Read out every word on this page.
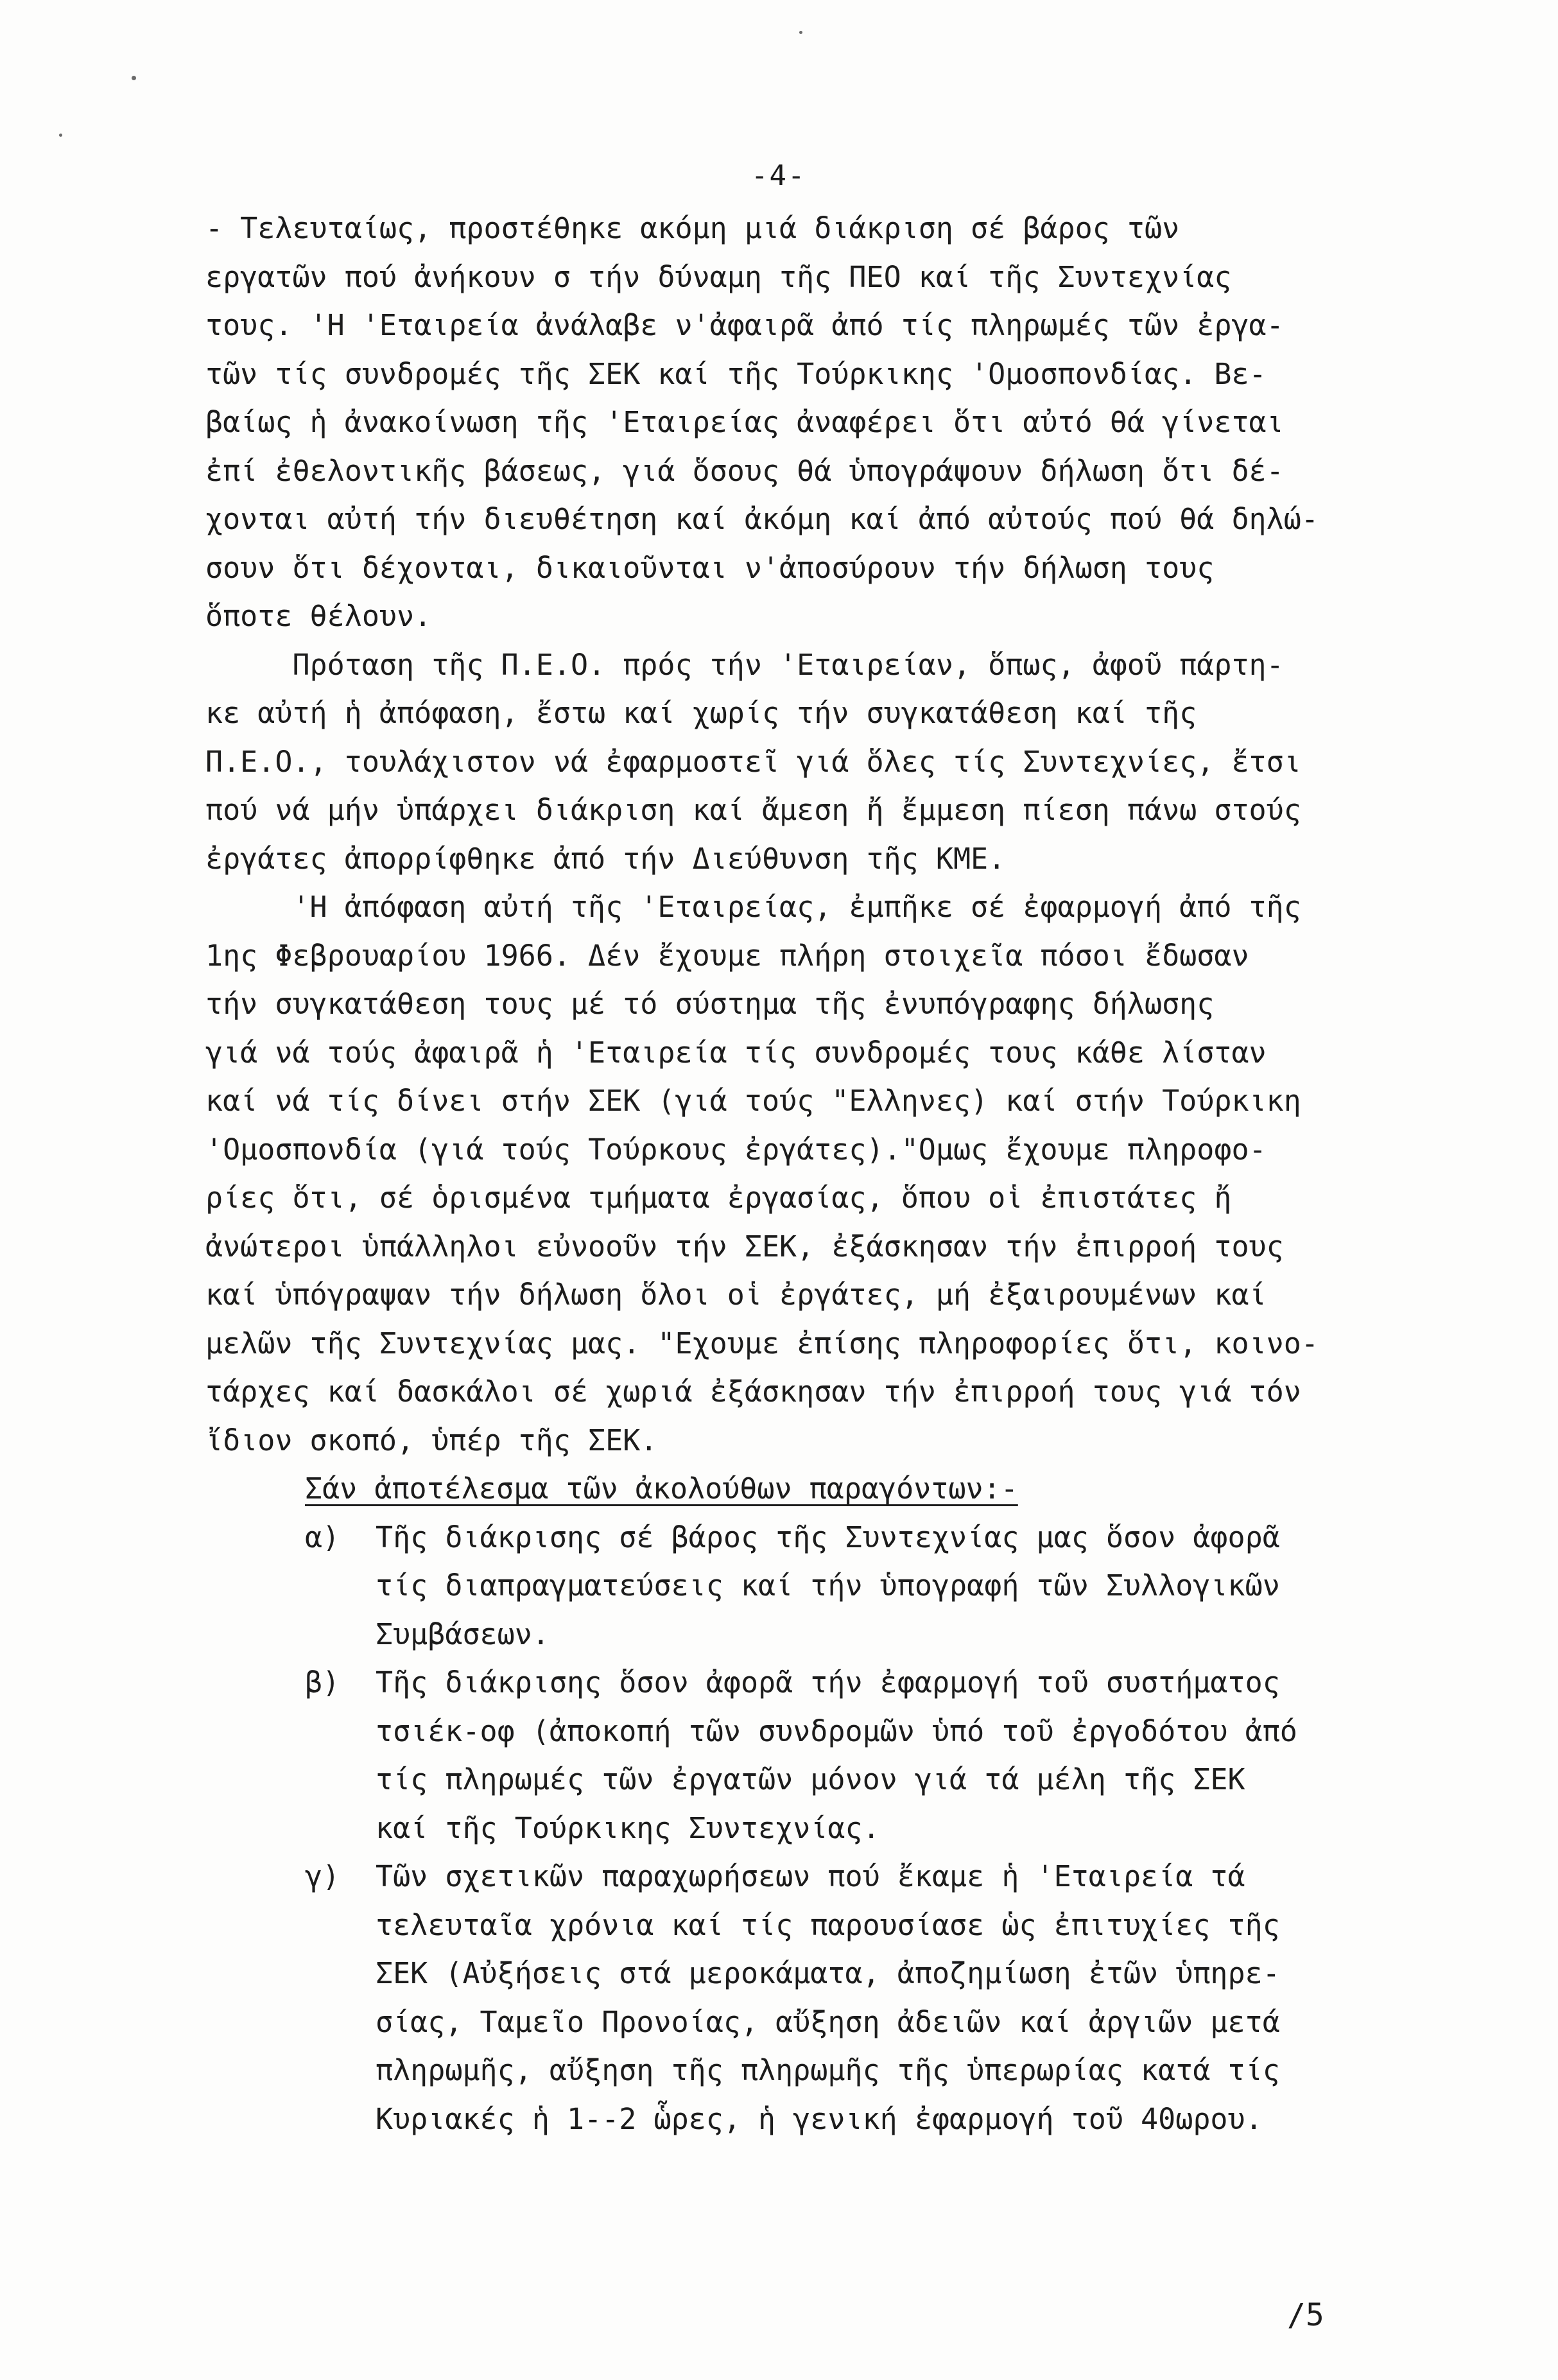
-4-
- Τελευταίως, προστέθηκε ακόμη μιά διάκριση σέ βάρος τῶν
εργατῶν πού ἀνήκουν σ τήν δύναμη τῆς ΠΕΟ καί τῆς Συντεχνίας
τους. 'Η 'Εταιρεία ἀνάλαβε ν'ἀφαιρᾶ ἀπό τίς πληρωμές τῶν ἐργα-
τῶν τίς συνδρομές τῆς ΣΕΚ καί τῆς Τούρκικης 'Ομοσπονδίας. Βε-
βαίως ἡ ἀνακοίνωση τῆς 'Εταιρείας ἀναφέρει ὅτι αὐτό θά γίνεται
ἐπί ἐθελοντικῆς βάσεως, γιά ὅσους θά ὑπογράψουν δήλωση ὅτι δέ-
χονται αὐτή τήν διευθέτηση καί ἀκόμη καί ἀπό αὐτούς πού θά δηλώ-
σουν ὅτι δέχονται, δικαιοῦνται ν'ἀποσύρουν τήν δήλωση τους
ὅποτε θέλουν.
Πρόταση τῆς Π.Ε.Ο. πρός τήν 'Εταιρείαν, ὅπως, ἀφοῦ πάρτη-
κε αὐτή ἡ ἀπόφαση, ἔστω καί χωρίς τήν συγκατάθεση καί τῆς
Π.Ε.Ο., τουλάχιστον νά ἐφαρμοστεῖ γιά ὅλες τίς Συντεχνίες, ἔτσι
πού νά μήν ὑπάρχει διάκριση καί ἄμεση ἤ ἔμμεση πίεση πάνω στούς
ἐργάτες ἀπορρίφθηκε ἀπό τήν Διεύθυνση τῆς ΚΜΕ.
'Η ἀπόφαση αὐτή τῆς 'Εταιρείας, ἐμπῆκε σέ ἐφαρμογή ἀπό τῆς
1ης Φεβρουαρίου 1966. Δέν ἔχουμε πλήρη στοιχεῖα πόσοι ἔδωσαν
τήν συγκατάθεση τους μέ τό σύστημα τῆς ἐνυπόγραφης δήλωσης
γιά νά τούς ἀφαιρᾶ ἡ 'Εταιρεία τίς συνδρομές τους κάθε λίσταν
καί νά τίς δίνει στήν ΣΕΚ (γιά τούς "Ελληνες) καί στήν Τούρκικη
'Ομοσπονδία (γιά τούς Τούρκους ἐργάτες)."Ομως ἔχουμε πληροφο-
ρίες ὅτι, σέ ὁρισμένα τμήματα ἐργασίας, ὅπου οἱ ἐπιστάτες ἤ
ἀνώτεροι ὑπάλληλοι εὐνοοῦν τήν ΣΕΚ, ἐξάσκησαν τήν ἐπιρροή τους
καί ὑπόγραψαν τήν δήλωση ὅλοι οἱ ἐργάτες, μή ἐξαιρουμένων καί
μελῶν τῆς Συντεχνίας μας. "Εχουμε ἐπίσης πληροφορίες ὅτι, κοινο-
τάρχες καί δασκάλοι σέ χωριά ἐξάσκησαν τήν ἐπιρροή τους γιά τόν
ἴδιον σκοπό, ὑπέρ τῆς ΣΕΚ.
Σάν ἀποτέλεσμα τῶν ἀκολούθων παραγόντων:-
α) Τῆς διάκρισης σέ βάρος τῆς Συντεχνίας μας ὅσον ἀφορᾶ
τίς διαπραγματεύσεις καί τήν ὑπογραφή τῶν Συλλογικῶν
Συμβάσεων.
β) Τῆς διάκρισης ὅσον ἀφορᾶ τήν ἐφαρμογή τοῦ συστήματος
τσιέκ-οφ (ἀποκοπή τῶν συνδρομῶν ὑπό τοῦ ἐργοδότου ἀπό
τίς πληρωμές τῶν ἐργατῶν μόνον γιά τά μέλη τῆς ΣΕΚ
καί τῆς Τούρκικης Συντεχνίας.
γ) Τῶν σχετικῶν παραχωρήσεων πού ἔκαμε ἡ 'Εταιρεία τά
τελευταῖα χρόνια καί τίς παρουσίασε ὡς ἐπιτυχίες τῆς
ΣΕΚ (Αὐξήσεις στά μεροκάματα, ἀποζημίωση ἐτῶν ὑπηρε-
σίας, Ταμεῖο Προνοίας, αὔξηση ἀδειῶν καί ἀργιῶν μετά
πληρωμῆς, αὔξηση τῆς πληρωμῆς τῆς ὑπερωρίας κατά τίς
Κυριακές ἡ 1--2 ὧρες, ἡ γενική ἐφαρμογή τοῦ 40ωρου.
/5
